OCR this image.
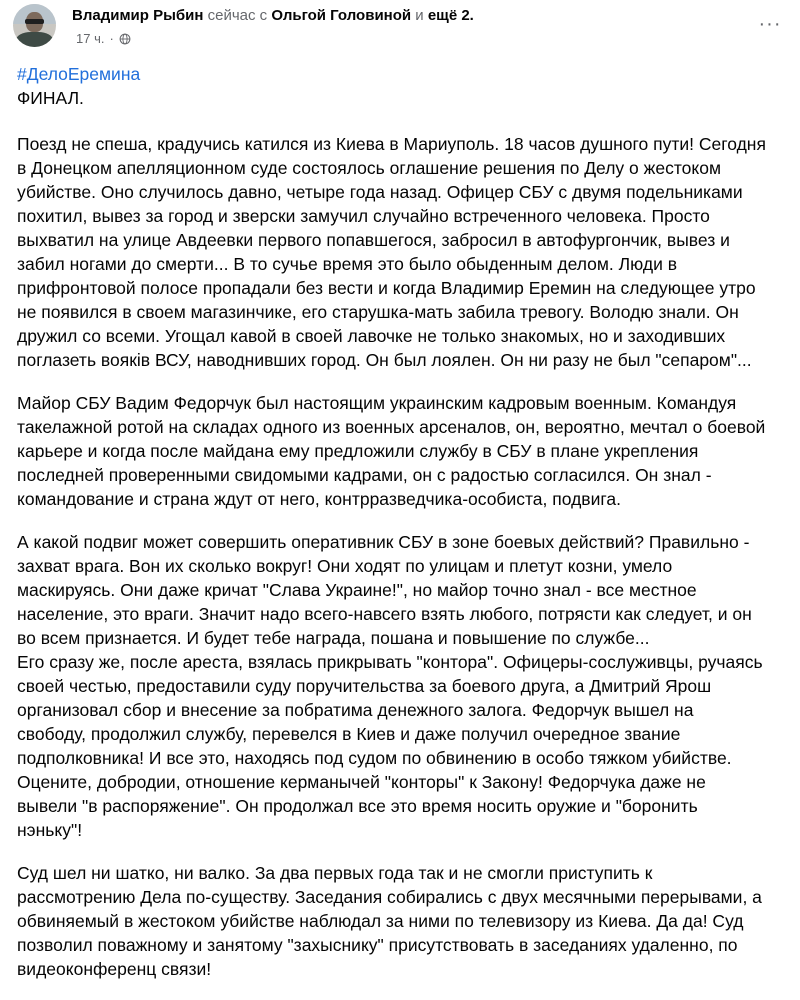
Владимир Рыбин сейчас с Ольгой Головиной и ещё 2.
17 ч. ·
···
#ДелоЕремина
ФИНАЛ.

Поезд не спеша, крадучись катился из Киева в Мариуполь. 18 часов душного пути! Сегодня
в Донецком апелляционном суде состоялось оглашение решения по Делу о жестоком
убийстве. Оно случилось давно, четыре года назад. Офицер СБУ с двумя подельниками
похитил, вывез за город и зверски замучил случайно встреченного человека. Просто
выхватил на улице Авдеевки первого попавшегося, забросил в автофургончик, вывез и
забил ногами до смерти... В то сучье время это было обыденным делом. Люди в
прифронтовой полосе пропадали без вести и когда Владимир Еремин на следующее утро
не появился в своем магазинчике, его старушка-мать забила тревогу. Володю знали. Он
дружил со всеми. Угощал кавой в своей лавочке не только знакомых, но и заходивших
поглазеть вояків ВСУ, наводнивших город. Он был лоялен. Он ни разу не был "сепаром"...

Майор СБУ Вадим Федорчук был настоящим украинским кадровым военным. Командуя
такелажной ротой на складах одного из военных арсеналов, он, вероятно, мечтал о боевой
карьере и когда после майдана ему предложили службу в СБУ в плане укрепления
последней проверенными свидомыми кадрами, он с радостью согласился. Он знал -
командование и страна ждут от него, контрразведчика-особиста, подвига.

А какой подвиг может совершить оперативник СБУ в зоне боевых действий? Правильно -
захват врага. Вон их сколько вокруг! Они ходят по улицам и плетут козни, умело
маскируясь. Они даже кричат "Слава Украине!", но майор точно знал - все местное
население, это враги. Значит надо всего-навсего взять любого, потрясти как следует, и он
во всем признается. И будет тебе награда, пошана и повышение по службе...

Его сразу же, после ареста, взялась прикрывать "контора". Офицеры-сослуживцы, ручаясь
своей честью, предоставили суду поручительства за боевого друга, а Дмитрий Ярош
организовал сбор и внесение за побратима денежного залога. Федорчук вышел на
свободу, продолжил службу, перевелся в Киев и даже получил очередное звание
подполковника! И все это, находясь под судом по обвинению в особо тяжком убийстве.
Оцените, добродии, отношение керманычей "конторы" к Закону! Федорчука даже не
вывели "в распоряжение". Он продолжал все это время носить оружие и "боронить
нэньку"!

Суд шел ни шатко, ни валко. За два первых года так и не смогли приступить к
рассмотрению Дела по-существу. Заседания собирались с двух месячными перерывами, а
обвиняемый в жестоком убийстве наблюдал за ними по телевизору из Киева. Да да! Суд
позволил поважному и занятому "захыснику" присутствовать в заседаниях удаленно, по
видеоконференц связи!
